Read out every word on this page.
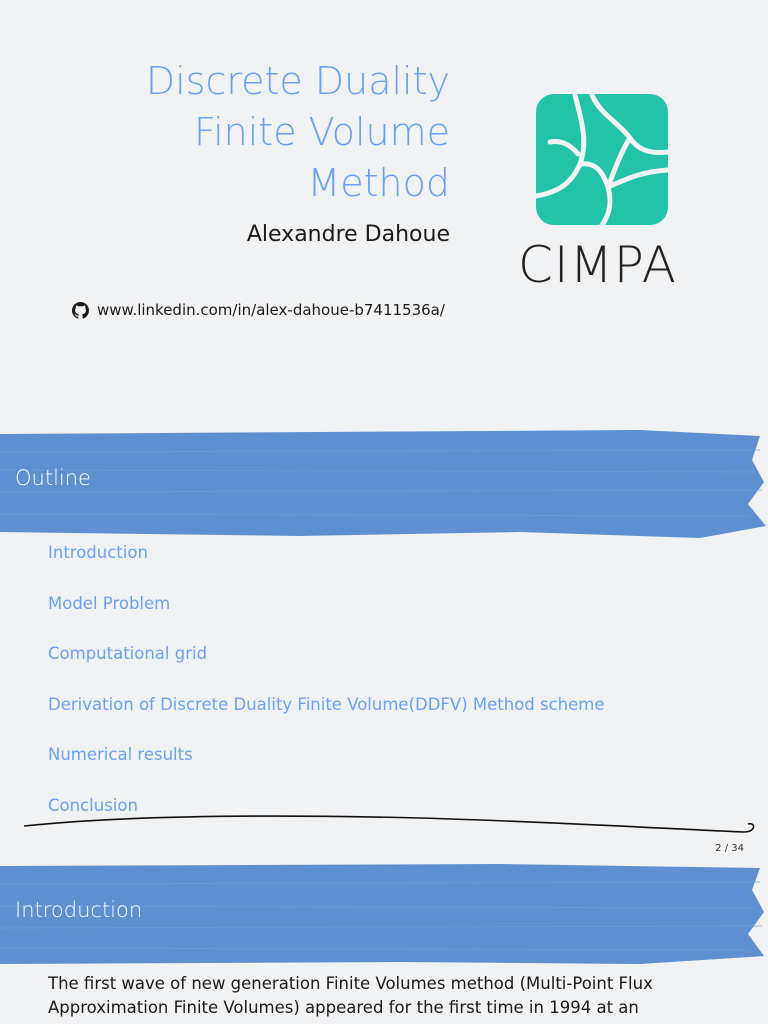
Discrete Duality
Finite Volume
Method
Alexandre Dahoue
CIMPA
www.linkedin.com/in/alex-dahoue-b7411536a/
Outline
Introduction
Model Problem
Computational grid
Derivation of Discrete Duality Finite Volume(DDFV) Method scheme
Numerical results
Conclusion
2 / 34
Introduction

The first wave of new generation Finite Volumes method (Multi-Point Flux Approximation Finite Volumes) appeared for the first time in 1994 at an
